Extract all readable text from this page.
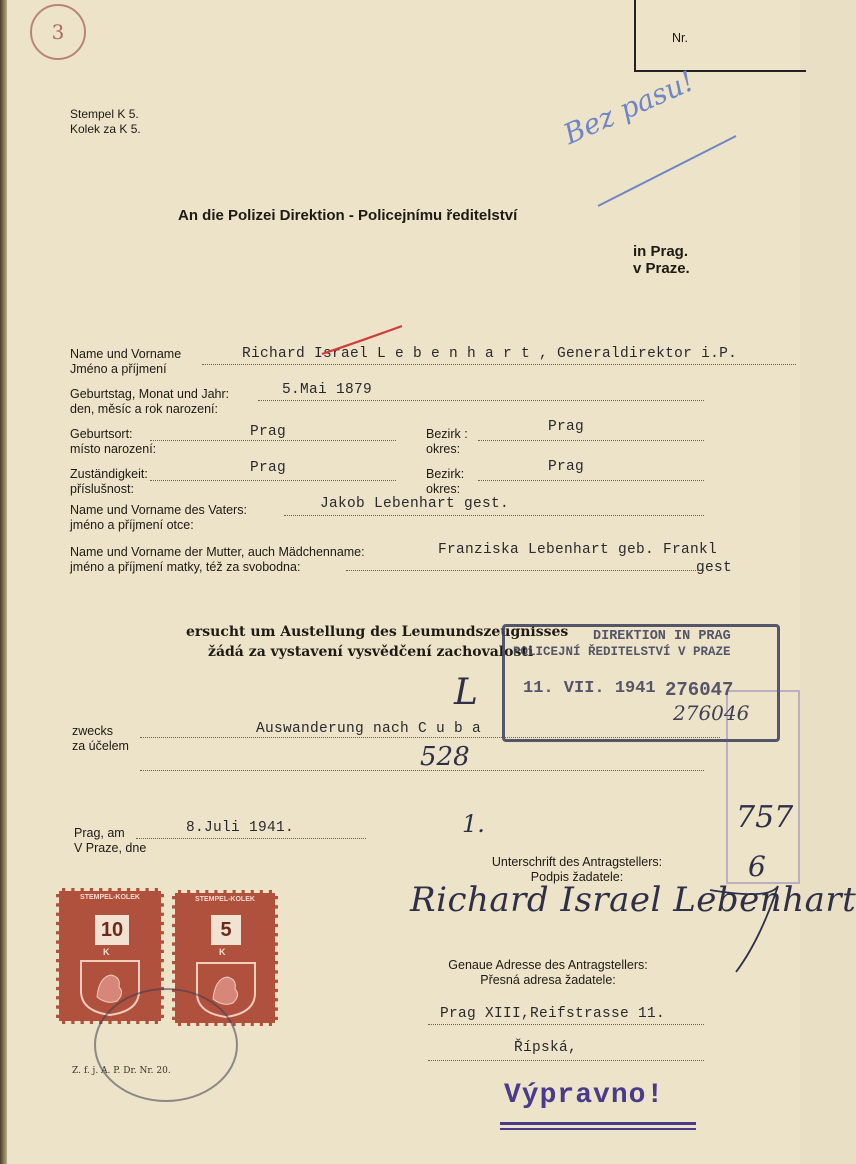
Nr.
3
Stempel K 5.
Kolek za K 5.	Bez pasu!
An die Polizei Direktion - Policejnímu ředitelství
in Prag.
v Praze.
Name und Vorname
Jméno a příjmení
Richard Israel L e b e n h a r t , Generaldirektor i.P.
Geburtstag, Monat und Jahr:
den, měsíc a rok narození:
5.Mai 1879
Geburtsort:
místo narození:
Prag	Bezirk :
okres:
Prag
Zuständigkeit:
příslušnost:
Prag	Bezirk:
okres:
Prag
Name und Vorname des Vaters:
jméno a příjmení otce:
Jakob Lebenhart gest.
Name und Vorname der Mutter, auch Mädchenname:
jméno a příjmení matky, též za svobodna:
Franziska Lebenhart geb. Frankl
gest
ersucht um Austellung des Leumundszeugnisses
žádá za vystavení vysvědčení zachovalosti
DIREKTION IN PRAG
POLICEJNÍ ŘEDITELSTVÍ V PRAZE
11. VII. 1941 276047
276046
L
zwecks
za účelem
Auswanderung nach C u b a
528
757
6
1.
Prag, am
V Praze, dne
8.Juli 1941.
Unterschrift des Antragstellers:
Podpis žadatele:
Richard Israel Lebenhart
Genaue Adresse des Antragstellers:
Přesná adresa žadatele:
Prag XIII,Reifstrasse 11.
Řípská,
STEMPEL-KOLEK
10
K
STEMPEL-KOLEK
5
K
Z. f. j. A. P. Dr. Nr. 20.
Výpravno!
